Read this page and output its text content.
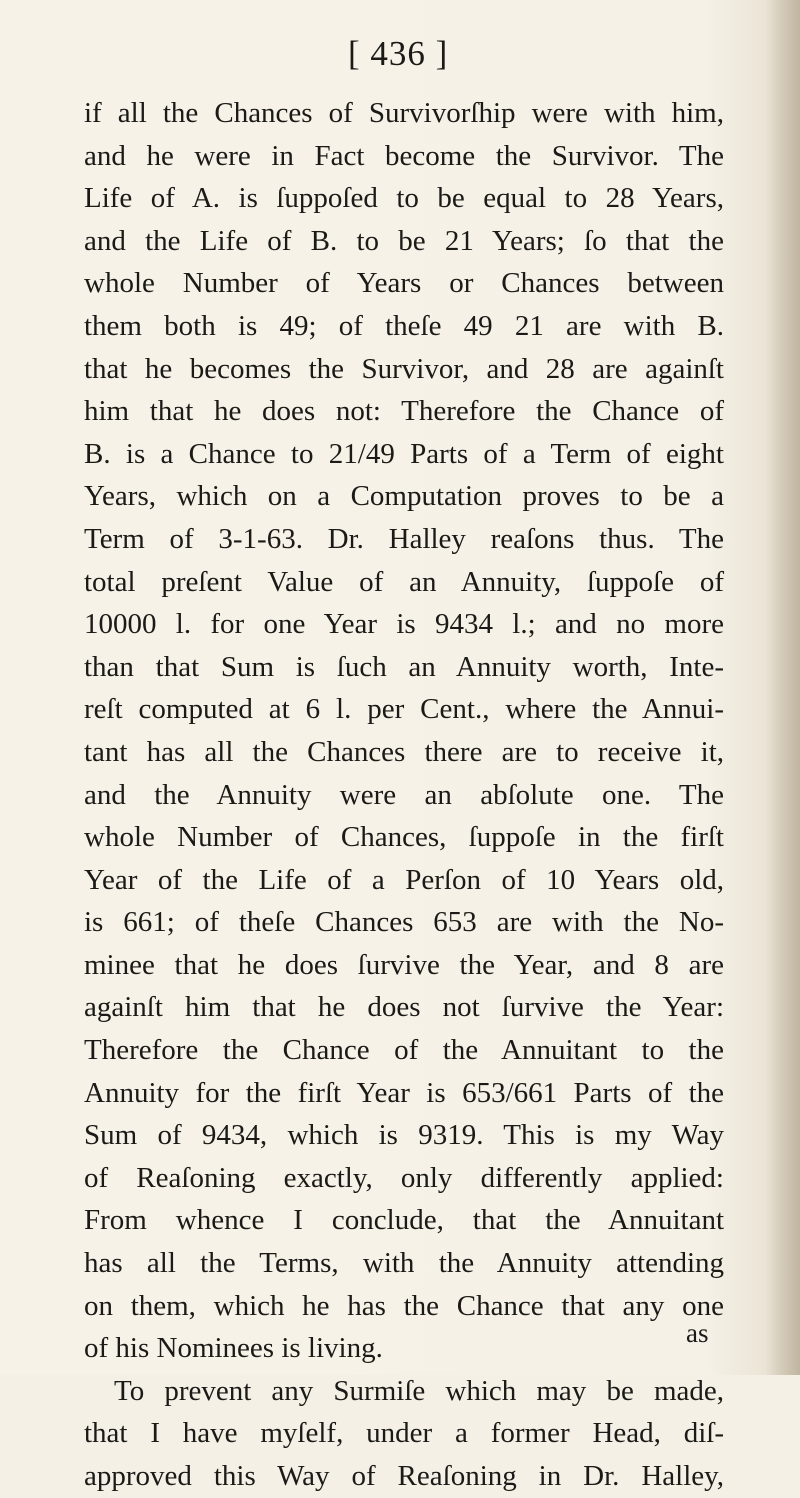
[ 436 ]
if all the Chances of Survivorſhip were with him,
and he were in Fact become the Survivor. The
Life of A. is ſuppoſed to be equal to 28 Years,
and the Life of B. to be 21 Years; ſo that the
whole Number of Years or Chances between
them both is 49; of theſe 49 21 are with B.
that he becomes the Survivor, and 28 are againſt
him that he does not: Therefore the Chance of
B. is a Chance to 21/49 Parts of a Term of eight
Years, which on a Computation proves to be a
Term of 3-1-63. Dr. Halley reaſons thus. The
total preſent Value of an Annuity, ſuppoſe of
10000 l. for one Year is 9434 l.; and no more
than that Sum is ſuch an Annuity worth, Inte-
reſt computed at 6 l. per Cent., where the Annui-
tant has all the Chances there are to receive it,
and the Annuity were an abſolute one. The
whole Number of Chances, ſuppoſe in the firſt
Year of the Life of a Perſon of 10 Years old,
is 661; of theſe Chances 653 are with the No-
minee that he does ſurvive the Year, and 8 are
againſt him that he does not ſurvive the Year:
Therefore the Chance of the Annuitant to the
Annuity for the firſt Year is 653/661 Parts of the
Sum of 9434, which is 9319. This is my Way
of Reaſoning exactly, only differently applied:
From whence I conclude, that the Annuitant
has all the Terms, with the Annuity attending
on them, which he has the Chance that any one
of his Nominees is living.
To prevent any Surmiſe which may be made,
that I have myſelf, under a former Head, diſ-
approved this Way of Reaſoning in Dr. Halley,
as
